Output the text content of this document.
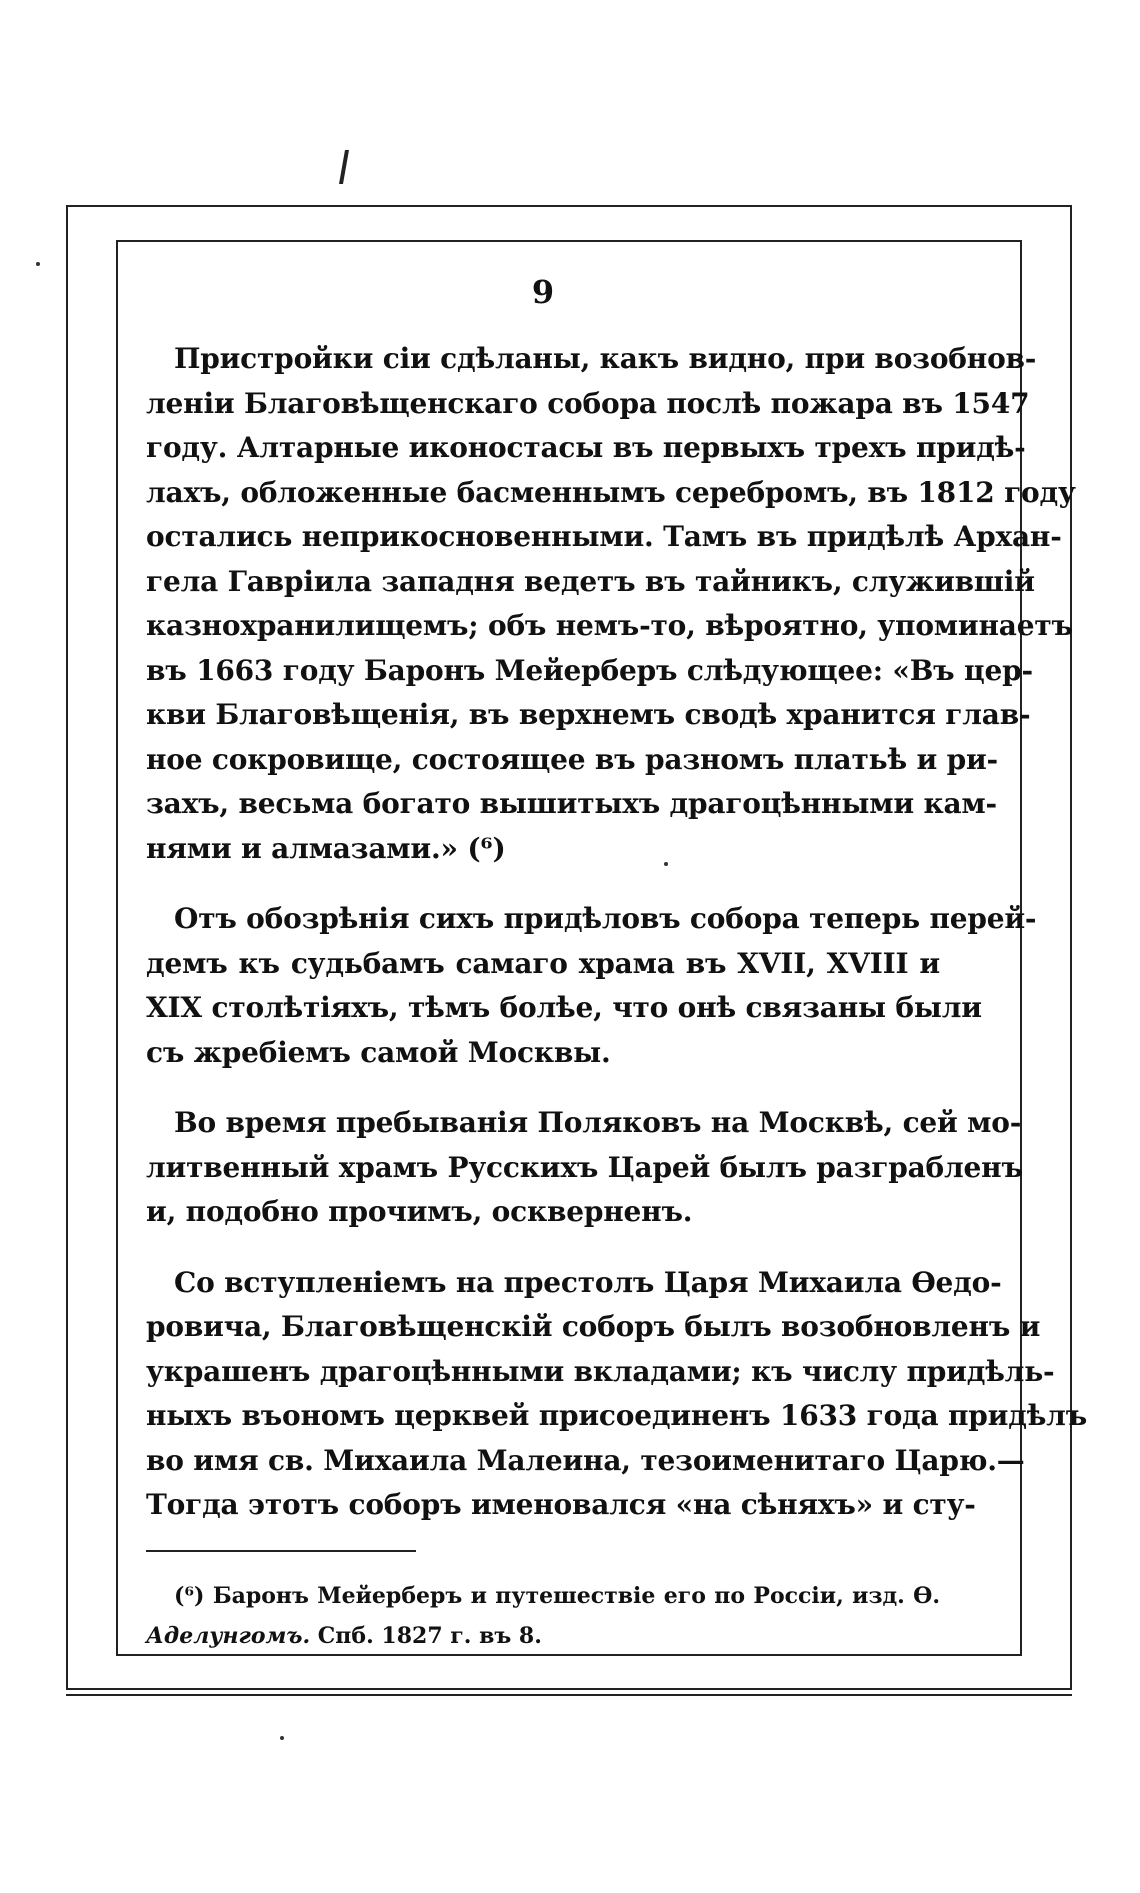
9
Пристройки сіи сдѣланы, какъ видно, при возобнов-
леніи Благовѣщенскаго собора послѣ пожара въ 1547
году. Алтарные иконостасы въ первыхъ трехъ придѣ-
лахъ, обложенные басменнымъ серебромъ, въ 1812 году
остались неприкосновенными. Тамъ въ придѣлѣ Архан-
гела Гавріила западня ведетъ въ тайникъ, служившій
казнохранилищемъ; объ немъ-то, вѣроятно, упоминаетъ
въ 1663 году Баронъ Мейерберъ слѣдующее: «Въ цер-
кви Благовѣщенія, въ верхнемъ сводѣ хранится глав-
ное сокровище, состоящее въ разномъ платьѣ и ри-
захъ, весьма богато вышитыхъ драгоцѣнными кам-
нями и алмазами.» (⁶)
Отъ обозрѣнія сихъ придѣловъ собора теперь перей-
демъ къ судьбамъ самаго храма въ XVII, XVIII и
XIX столѣтіяхъ, тѣмъ болѣе, что онѣ связаны были
съ жребіемъ самой Москвы.
Во время пребыванія Поляковъ на Москвѣ, сей мо-
литвенный храмъ Русскихъ Царей былъ разграбленъ
и, подобно прочимъ, оскверненъ.
Со вступленіемъ на престолъ Царя Михаила Өедо-
ровича, Благовѣщенскій соборъ былъ возобновленъ и
украшенъ драгоцѣнными вкладами; къ числу придѣль-
ныхъ въономъ церквей присоединенъ 1633 года придѣлъ
во имя св. Михаила Малеина, тезоименитаго Царю.—
Тогда этотъ соборъ именовался «на сѣняхъ» и сту-
(⁶) Баронъ Мейерберъ и путешествіе его по Россіи, изд. Ө.
Аделунгомъ. Спб. 1827 г. въ 8.
